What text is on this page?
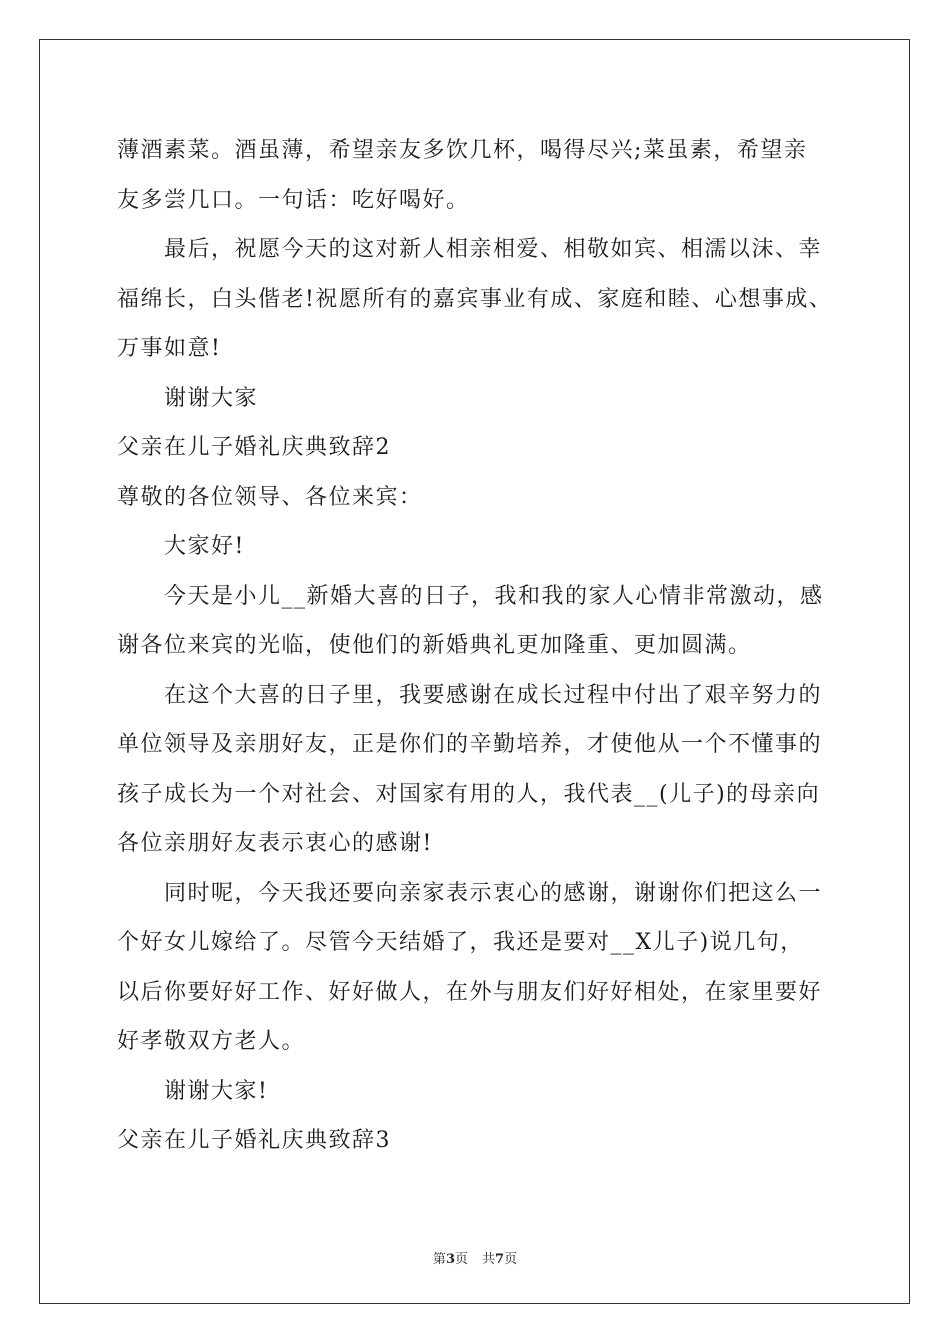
薄酒素菜。酒虽薄，希望亲友多饮几杯，喝得尽兴;菜虽素，希望亲
友多尝几口。一句话：吃好喝好。
最后，祝愿今天的这对新人相亲相爱、相敬如宾、相濡以沫、幸
福绵长，白头偕老!祝愿所有的嘉宾事业有成、家庭和睦、心想事成、
万事如意!
谢谢大家
父亲在儿子婚礼庆典致辞2
尊敬的各位领导、各位来宾：
大家好!
今天是小儿__新婚大喜的日子，我和我的家人心情非常激动，感
谢各位来宾的光临，使他们的新婚典礼更加隆重、更加圆满。
在这个大喜的日子里，我要感谢在成长过程中付出了艰辛努力的
单位领导及亲朋好友，正是你们的辛勤培养，才使他从一个不懂事的
孩子成长为一个对社会、对国家有用的人，我代表__(儿子)的母亲向
各位亲朋好友表示衷心的感谢!
同时呢，今天我还要向亲家表示衷心的感谢，谢谢你们把这么一
个好女儿嫁给了。尽管今天结婚了，我还是要对__X儿子)说几句，
以后你要好好工作、好好做人，在外与朋友们好好相处，在家里要好
好孝敬双方老人。
谢谢大家!
父亲在儿子婚礼庆典致辞3
第3页 共7页
